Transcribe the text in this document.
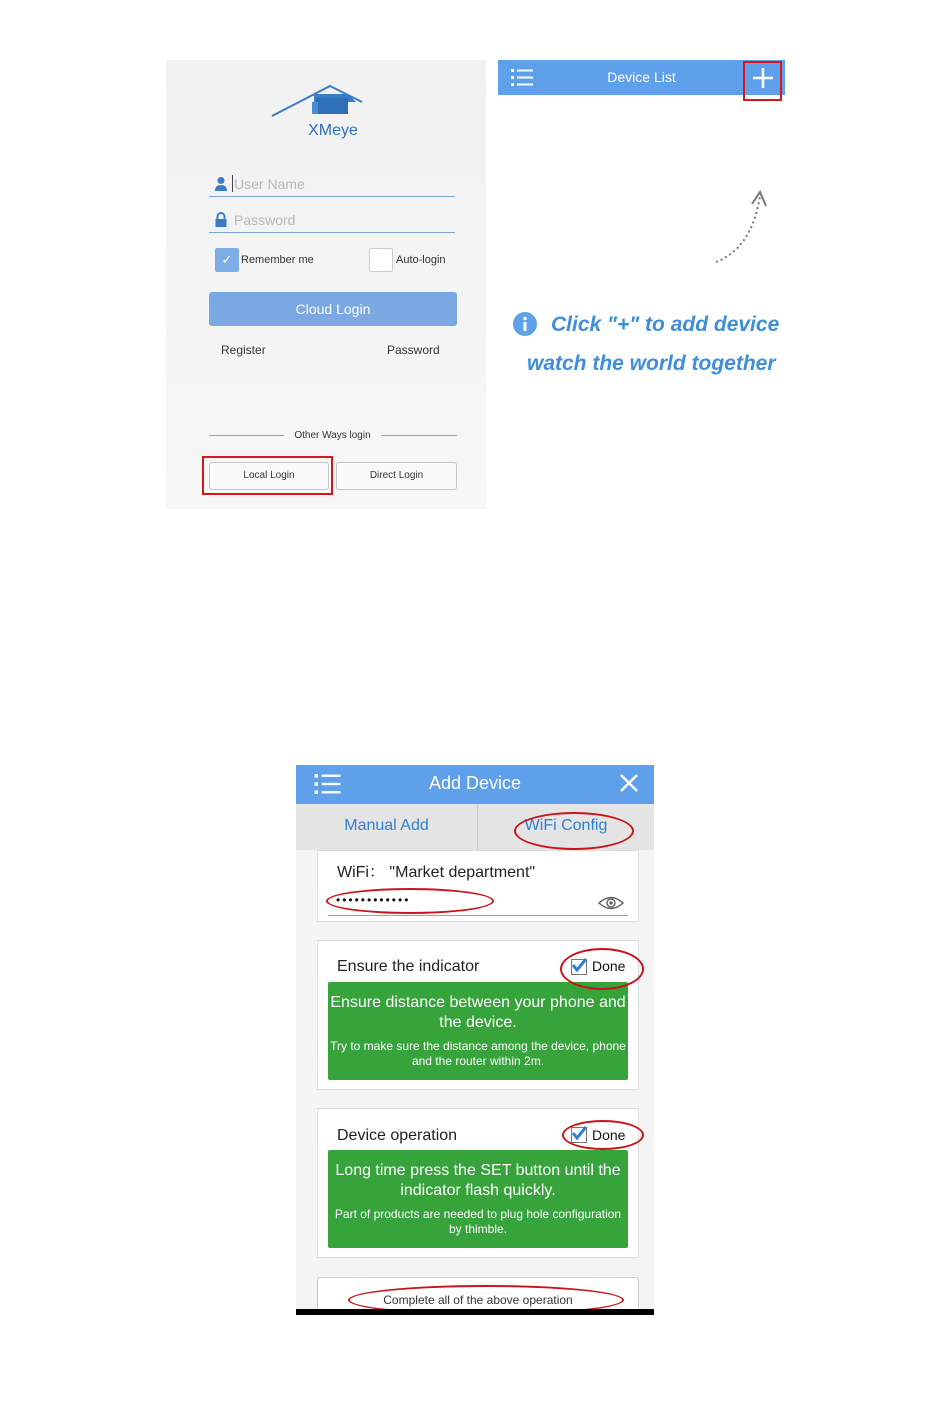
XMeye
User Name
Password
✓ Remember me	Auto-login
Cloud Login
Register	Password
Other Ways login
Local Login	Direct Login
Device List
Click "+" to add device
watch the world together
Add Device
Manual Add	WiFi Config
WiFi： "Market department"
••••••••••••
Ensure the indicator	Done
Ensure distance between your phone and the device.
Try to make sure the distance among the device, phone and the router within 2m.
Device operation	Done
Long time press the SET button until the indicator flash quickly.
Part of products are needed to plug hole configuration by thimble.
Complete all of the above operation
